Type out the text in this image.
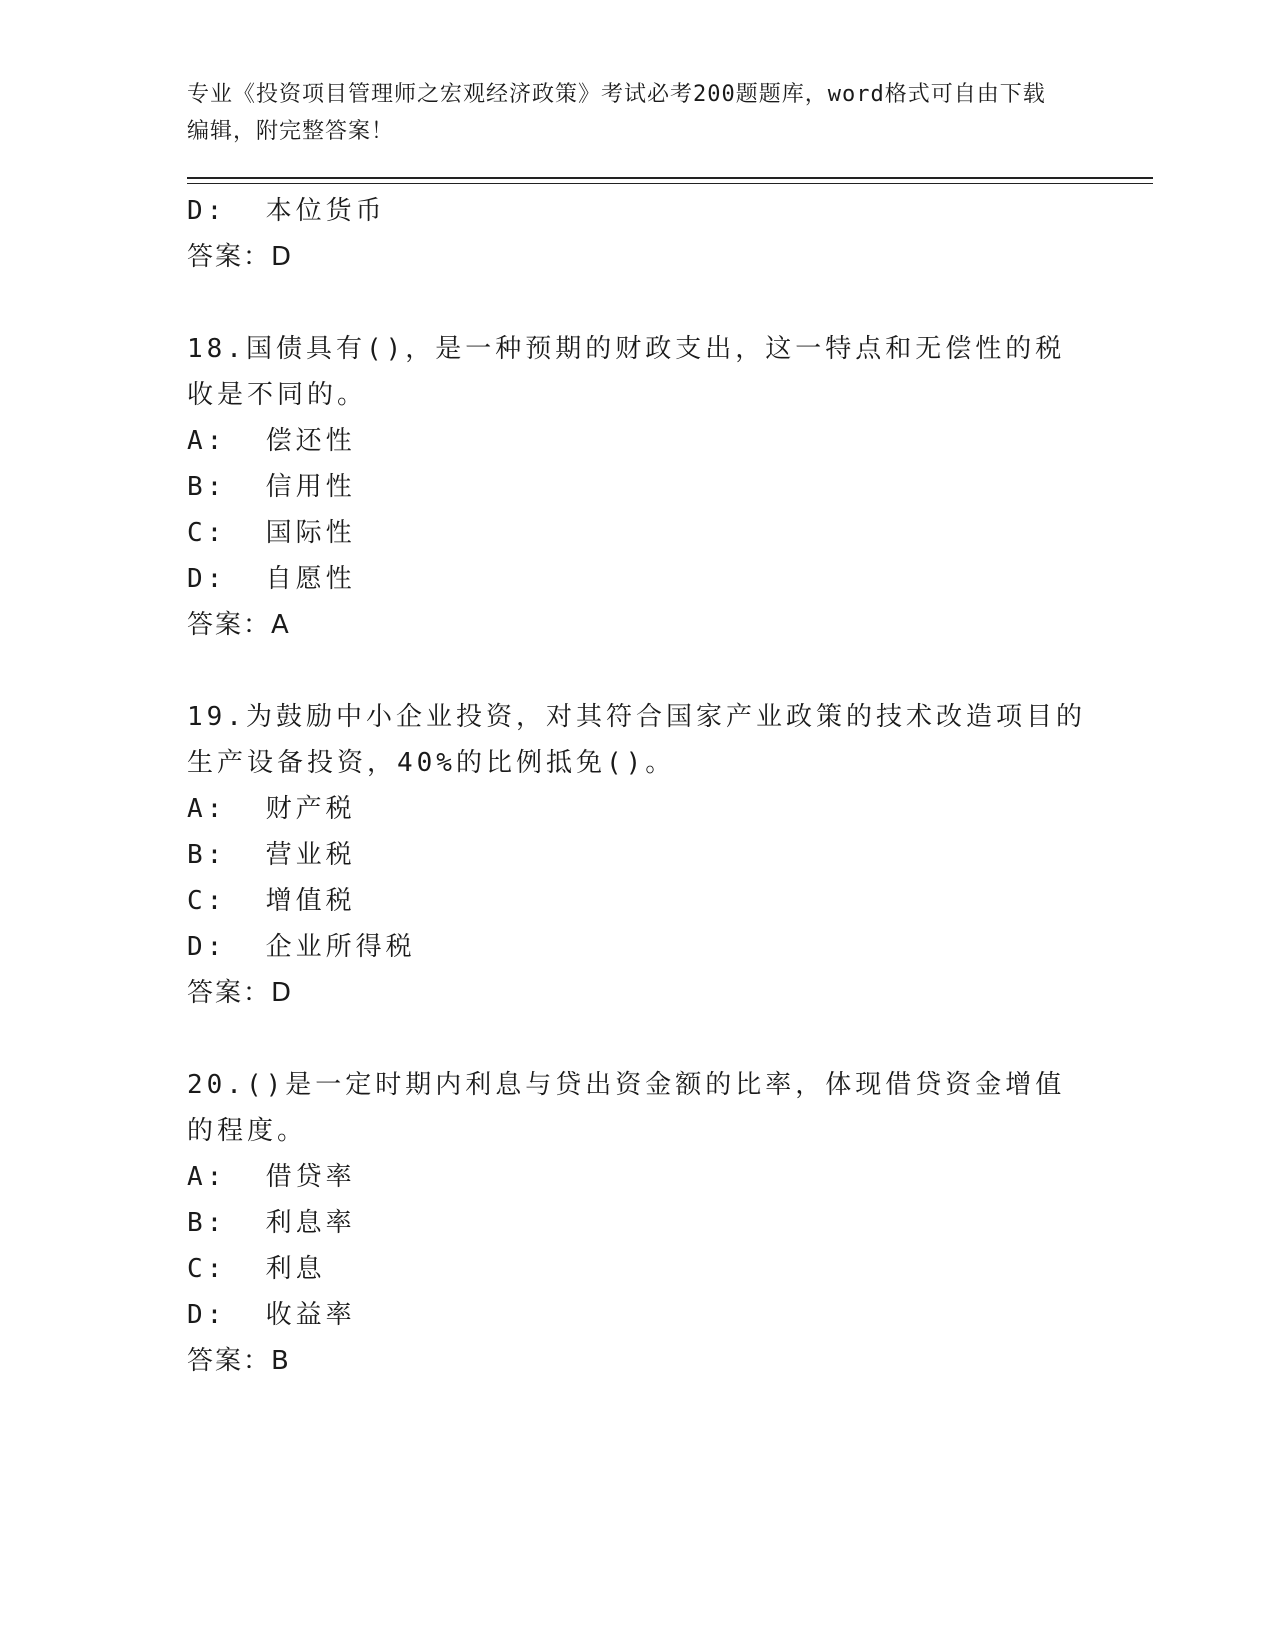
专业《投资项目管理师之宏观经济政策》考试必考200题题库，word格式可自由下载编辑，附完整答案！
D:  本位货币
答案：D
18.国债具有()，是一种预期的财政支出，这一特点和无偿性的税收是不同的。
A:  偿还性
B:  信用性
C:  国际性
D:  自愿性
答案：A
19.为鼓励中小企业投资，对其符合国家产业政策的技术改造项目的生产设备投资，40%的比例抵免()。
A:  财产税
B:  营业税
C:  增值税
D:  企业所得税
答案：D
20.()是一定时期内利息与贷出资金额的比率，体现借贷资金增值的程度。
A:  借贷率
B:  利息率
C:  利息
D:  收益率
答案：B
